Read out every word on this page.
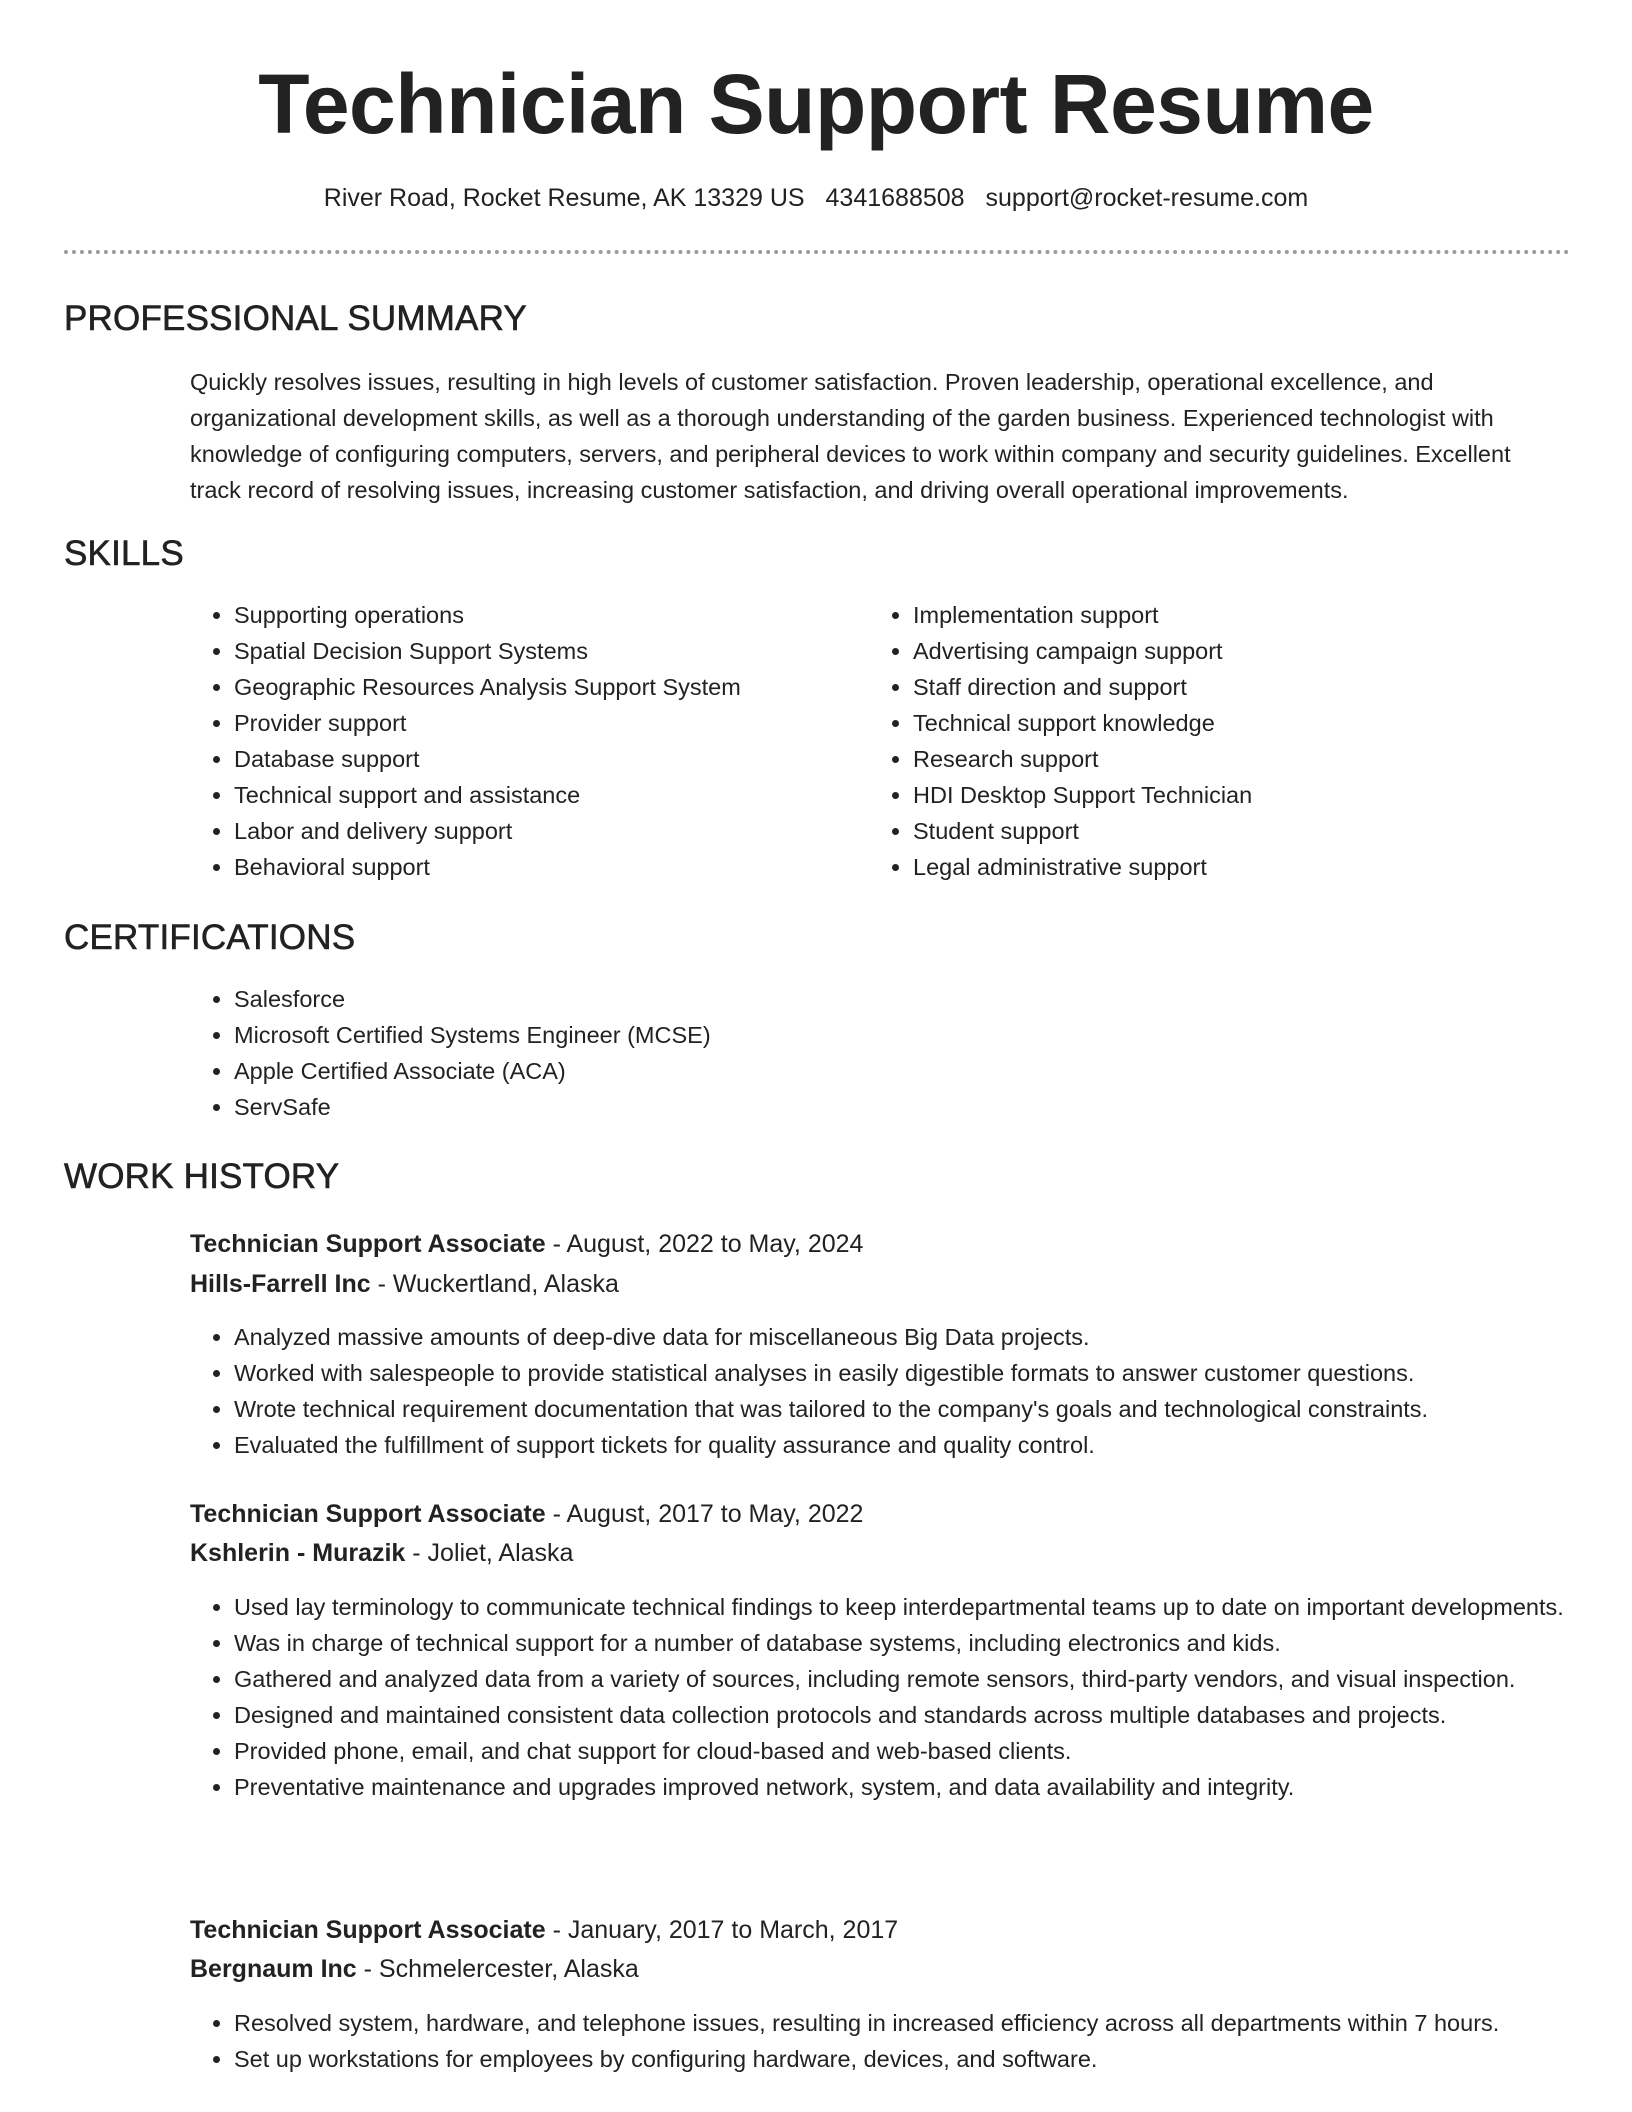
Technician Support Resume
River Road, Rocket Resume, AK 13329 US 4341688508 support@rocket-resume.com
PROFESSIONAL SUMMARY
Quickly resolves issues, resulting in high levels of customer satisfaction. Proven leadership, operational excellence, and organizational development skills, as well as a thorough understanding of the garden business. Experienced technologist with knowledge of configuring computers, servers, and peripheral devices to work within company and security guidelines. Excellent track record of resolving issues, increasing customer satisfaction, and driving overall operational improvements.
SKILLS
• Supporting operations
• Spatial Decision Support Systems
• Geographic Resources Analysis Support System
• Provider support
• Database support
• Technical support and assistance
• Labor and delivery support
• Behavioral support
• Implementation support
• Advertising campaign support
• Staff direction and support
• Technical support knowledge
• Research support
• HDI Desktop Support Technician
• Student support
• Legal administrative support
CERTIFICATIONS
• Salesforce
• Microsoft Certified Systems Engineer (MCSE)
• Apple Certified Associate (ACA)
• ServSafe
WORK HISTORY
Technician Support Associate - August, 2022 to May, 2024
Hills-Farrell Inc - Wuckertland, Alaska
• Analyzed massive amounts of deep-dive data for miscellaneous Big Data projects.
• Worked with salespeople to provide statistical analyses in easily digestible formats to answer customer questions.
• Wrote technical requirement documentation that was tailored to the company's goals and technological constraints.
• Evaluated the fulfillment of support tickets for quality assurance and quality control.
Technician Support Associate - August, 2017 to May, 2022
Kshlerin - Murazik - Joliet, Alaska
• Used lay terminology to communicate technical findings to keep interdepartmental teams up to date on important developments.
• Was in charge of technical support for a number of database systems, including electronics and kids.
• Gathered and analyzed data from a variety of sources, including remote sensors, third-party vendors, and visual inspection.
• Designed and maintained consistent data collection protocols and standards across multiple databases and projects.
• Provided phone, email, and chat support for cloud-based and web-based clients.
• Preventative maintenance and upgrades improved network, system, and data availability and integrity.
Technician Support Associate - January, 2017 to March, 2017
Bergnaum Inc - Schmelercester, Alaska
• Resolved system, hardware, and telephone issues, resulting in increased efficiency across all departments within 7 hours.
• Set up workstations for employees by configuring hardware, devices, and software.
